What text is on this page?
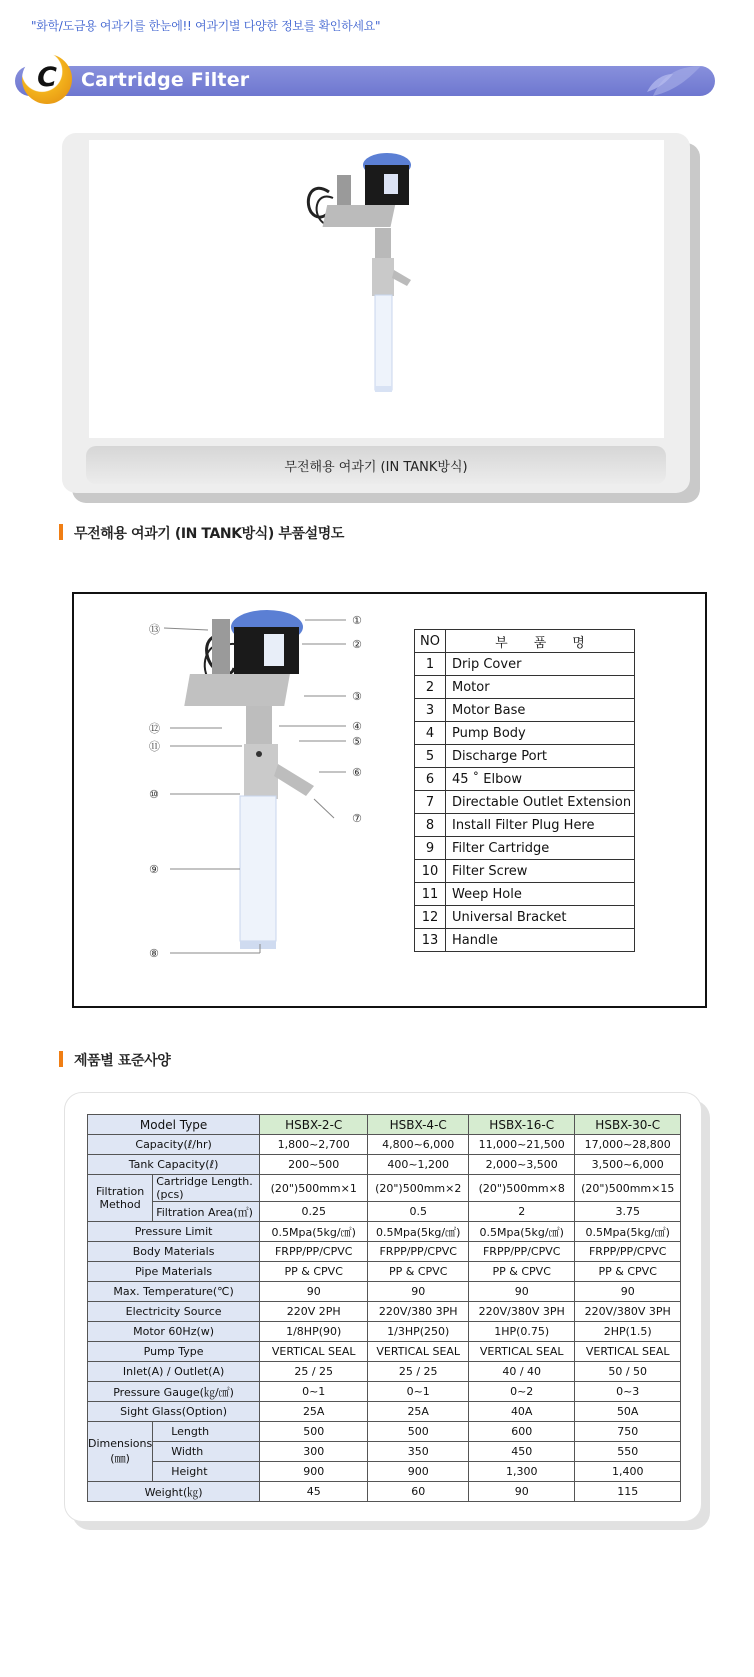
"화학/도금용 여과기를 한눈에!! 여과기별 다양한 정보를 확인하세요"
Cartridge Filter
C
무전해용 여과기 (IN TANK방식)
무전해용 여과기 (IN TANK방식) 부품설명도
⑬
①
②
③
④
⑤
⑥
⑦
⑫
⑪
⑩
⑨
⑧
NO	부　　품　　명
1	Drip Cover
2	Motor
3	Motor Base
4	Pump Body
5	Discharge Port
6	45 ˚ Elbow
7	Directable Outlet Extension
8	Install Filter Plug Here
9	Filter Cartridge
10	Filter Screw
11	Weep Hole
12	Universal Bracket
13	Handle
제품별 표준사양
Model Type		HSBX-2-C	HSBX-4-C	HSBX-16-C	HSBX-30-C
Capacity(ℓ/hr)		1,800~2,700	4,800~6,000	11,000~21,500	17,000~28,800
Tank Capacity(ℓ)		200~500	400~1,200	2,000~3,500	3,500~6,000
Filtration
Method	Cartridge Length.(pcs)	(20")500mm×1	(20")500mm×2	(20")500mm×8	(20")500mm×15
	Filtration Area(㎡)	0.25	0.5	2	3.75
Pressure Limit		0.5Mpa(5kg/㎠)	0.5Mpa(5kg/㎠)	0.5Mpa(5kg/㎠)	0.5Mpa(5kg/㎠)
Body Materials		FRPP/PP/CPVC	FRPP/PP/CPVC	FRPP/PP/CPVC	FRPP/PP/CPVC
Pipe Materials		PP & CPVC	PP & CPVC	PP & CPVC	PP & CPVC
Max. Temperature(℃)		90	90	90	90
Electricity Source		220V 2PH	220V/380 3PH	220V/380V 3PH	220V/380V 3PH
Motor 60Hz(w)		1/8HP(90)	1/3HP(250)	1HP(0.75)	2HP(1.5)
Pump Type		VERTICAL SEAL	VERTICAL SEAL	VERTICAL SEAL	VERTICAL SEAL
Inlet(A) / Outlet(A)		25 / 25	25 / 25	40 / 40	50 / 50
Pressure Gauge(㎏/㎠)		0~1	0~1	0~2	0~3
Sight Glass(Option)		25A	25A	40A	50A
Dimensions
(㎜)	Length	500	500	600	750
	Width	300	350	450	550
	Height	900	900	1,300	1,400
Weight(㎏)		45	60	90	115
